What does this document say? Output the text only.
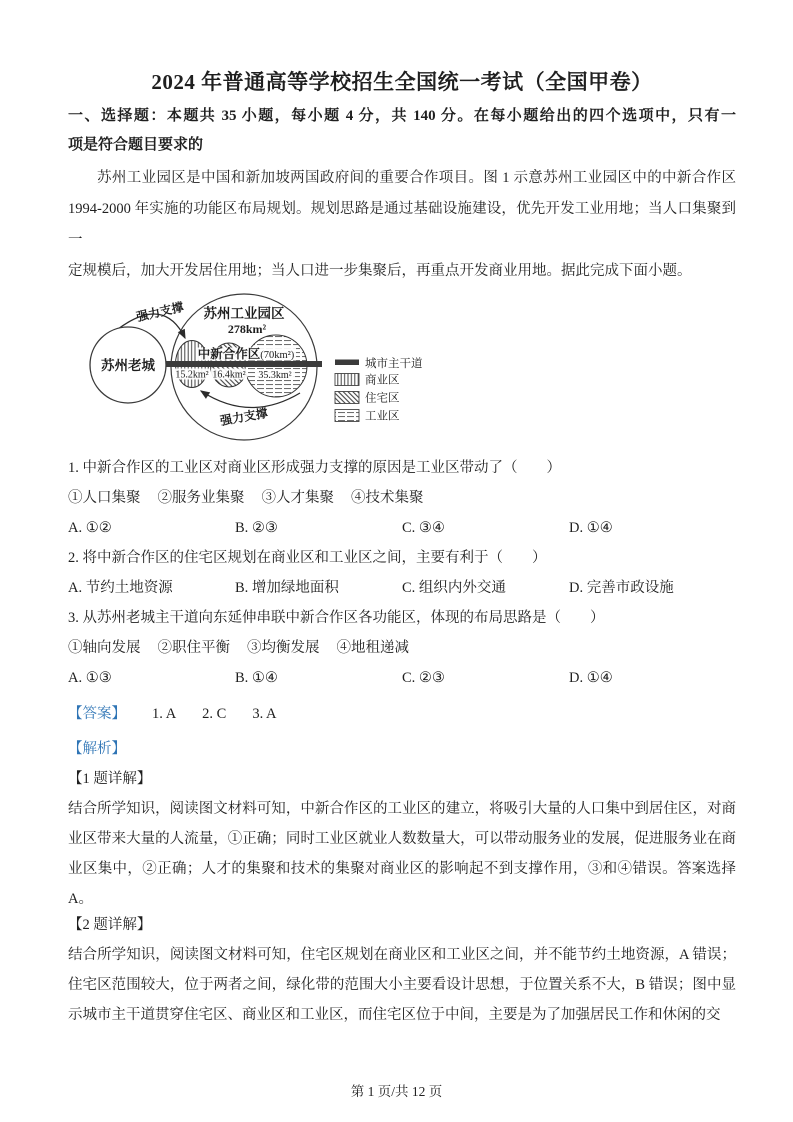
2024 年普通高等学校招生全国统一考试（全国甲卷）
一、选择题：本题共 35 小题，每小题 4 分，共 140 分。在每小题给出的四个选项中，只有一
项是符合题目要求的
苏州工业园区是中国和新加坡两国政府间的重要合作项目。图 1 示意苏州工业园区中的中新合作区
1994-2000 年实施的功能区布局规划。规划思路是通过基础设施建设，优先开发工业用地；当人口集聚到一
定规模后，加大开发居住用地；当人口进一步集聚后，再重点开发商业用地。据此完成下面小题。
15.2km² 16.4km² 35.3km²
中新合作区(70km²)
苏州工业园区
278km²
强力支撑
强力支撑
苏州老城	城市主干道
商业区
住宅区
工业区
1. 中新合作区的工业区对商业区形成强力支撑的原因是工业区带动了（　　）
①人口集聚 ②服务业集聚 ③人才集聚 ④技术集聚
A. ①②	B. ②③	C. ③④	D. ①④
2. 将中新合作区的住宅区规划在商业区和工业区之间，主要有利于（　　）
A. 节约土地资源	B. 增加绿地面积	C. 组织内外交通	D. 完善市政设施
3. 从苏州老城主干道向东延伸串联中新合作区各功能区，体现的布局思路是（　　）
①轴向发展 ②职住平衡 ③均衡发展 ④地租递减
A. ①③	B. ①④	C. ②③	D. ①④
【答案】 1. A 2. C 3. A
【解析】
【1 题详解】
结合所学知识，阅读图文材料可知，中新合作区的工业区的建立，将吸引大量的人口集中到居住区，对商
业区带来大量的人流量，①正确；同时工业区就业人数数量大，可以带动服务业的发展，促进服务业在商
业区集中，②正确；人才的集聚和技术的集聚对商业区的影响起不到支撑作用，③和④错误。答案选择
A。
【2 题详解】
结合所学知识，阅读图文材料可知，住宅区规划在商业区和工业区之间，并不能节约土地资源，A 错误；
住宅区范围较大，位于两者之间，绿化带的范围大小主要看设计思想，于位置关系不大，B 错误；图中显
示城市主干道贯穿住宅区、商业区和工业区，而住宅区位于中间，主要是为了加强居民工作和休闲的交
第 1 页/共 12 页
